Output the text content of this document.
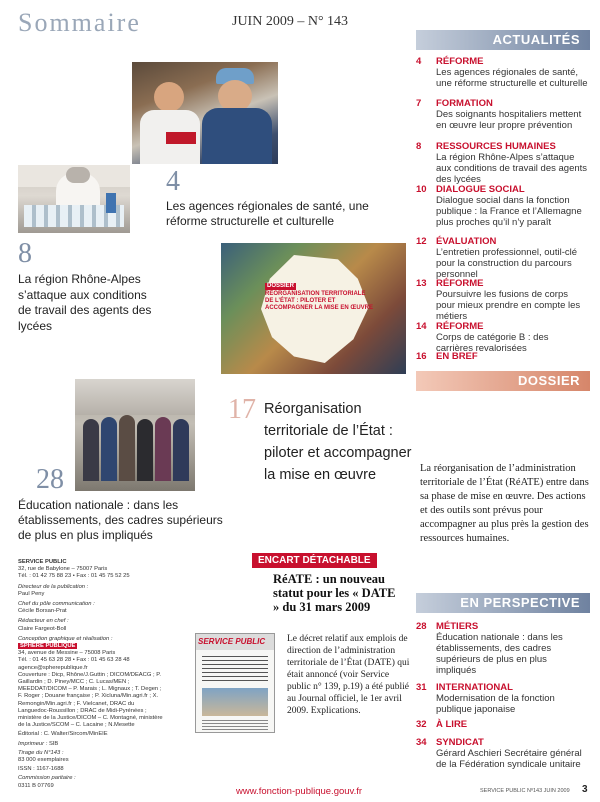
Sommaire	JUIN 2009 – N° 143
ACTUALITÉS
4	RÉFORME
Les agences régionales de santé, une réforme structurelle et culturelle
7	FORMATION
Des soignants hospitaliers mettent en œuvre leur propre prévention
8	RESSOURCES HUMAINES
La région Rhône-Alpes s’attaque aux conditions de travail des agents des lycées
10 DIALOGUE SOCIAL
Dialogue social dans la fonction publique : la France et l’Allemagne plus proches qu’il n’y paraît
12 ÉVALUATION
L’entretien professionnel, outil-clé pour la construction du parcours personnel
13 RÉFORME
Poursuivre les fusions de corps pour mieux prendre en compte les métiers
14 RÉFORME
Corps de catégorie B : des carrières revalorisées
16 EN BREF
DOSSIER
DOSSIER
RÉORGANISATION TERRITORIALE DE L’ÉTAT : PILOTER ET ACCOMPAGNER LA MISE EN ŒUVRE
4
Les agences régionales de santé, une réforme structurelle et culturelle
8
La région Rhône-Alpes s’attaque aux conditions de travail des agents des lycées
17 Réorganisation territoriale de l’État : piloter et accompagner la mise en œuvre
28
Éducation nationale : dans les établissements, des cadres supérieurs de plus en plus impliqués
La réorganisation de l’administration territoriale de l’État (RéATE) entre dans sa phase de mise en œuvre. Des actions et des outils sont prévus pour accompagner au plus près la gestion des ressources humaines.
ENCART DÉTACHABLE
RéATE : un nouveau statut pour les « DATE » du 31 mars 2009
SERVICE PUBLIC	Le décret relatif aux emplois de direction de l’administration territoriale de l’État (DATE) qui était annoncé (voir Service public n° 139, p.19) a été publié au Journal officiel, le 1er avril 2009. Explications.
SERVICE PUBLIC
32, rue de Babylone – 75007 Paris
Tél. : 01 42 75 88 23 • Fax : 01 45 75 52 25
Directeur de la publication :
Paul Peny
Chef du pôle communication :
Cécile Borsan-Prat
Rédacteur en chef :
Claire Fargeot-Boll
Conception graphique et réalisation :
SPHÈRE PUBLIQUE
34, avenue de Messine – 75008 Paris
Tél. : 01 45 63 28 28 • Fax : 01 45 63 28 48
agence@spherepublique.fr
Couverture : Dicp, Rhône/J.Guttin ; DICOM/DEACG ; P. Gaillardin ; D. Piney/MCC ; C. Lucas/MEN ; MEEDDAT/DICOM – P. Marais ; L. Mignaux ; T. Degen ; F. Roger ; Douane française ; P. Xiclunа/Min.agri.fr ; X. Remongin/Min.agri.fr ; F. Vielcanet, DRAC du Languedoc-Roussillon ; DRAC de Midi-Pyrénées ; ministère de la Justice/DICOM – C. Montagné, ministère de la Justice/SCOM – C. Lacaine ; N.Mesette
Éditorial : C. Walter/Sircom/MinEIE
Imprimeur : SIB
Tirage du N°143 :
83 000 exemplaires
ISSN : 1167-1688
Commission paritaire :
0311 B 07769
EN PERSPECTIVE
28 MÉTIERS
Éducation nationale : dans les établissements, des cadres supérieurs de plus en plus impliqués
31 INTERNATIONAL
Modernisation de la fonction publique japonaise
32 À LIRE
34 SYNDICAT
Gérard Aschieri Secrétaire général de la Fédération syndicale unitaire
www.fonction-publique.gouv.fr	SERVICE PUBLIC Nº143 JUIN 2009 3
